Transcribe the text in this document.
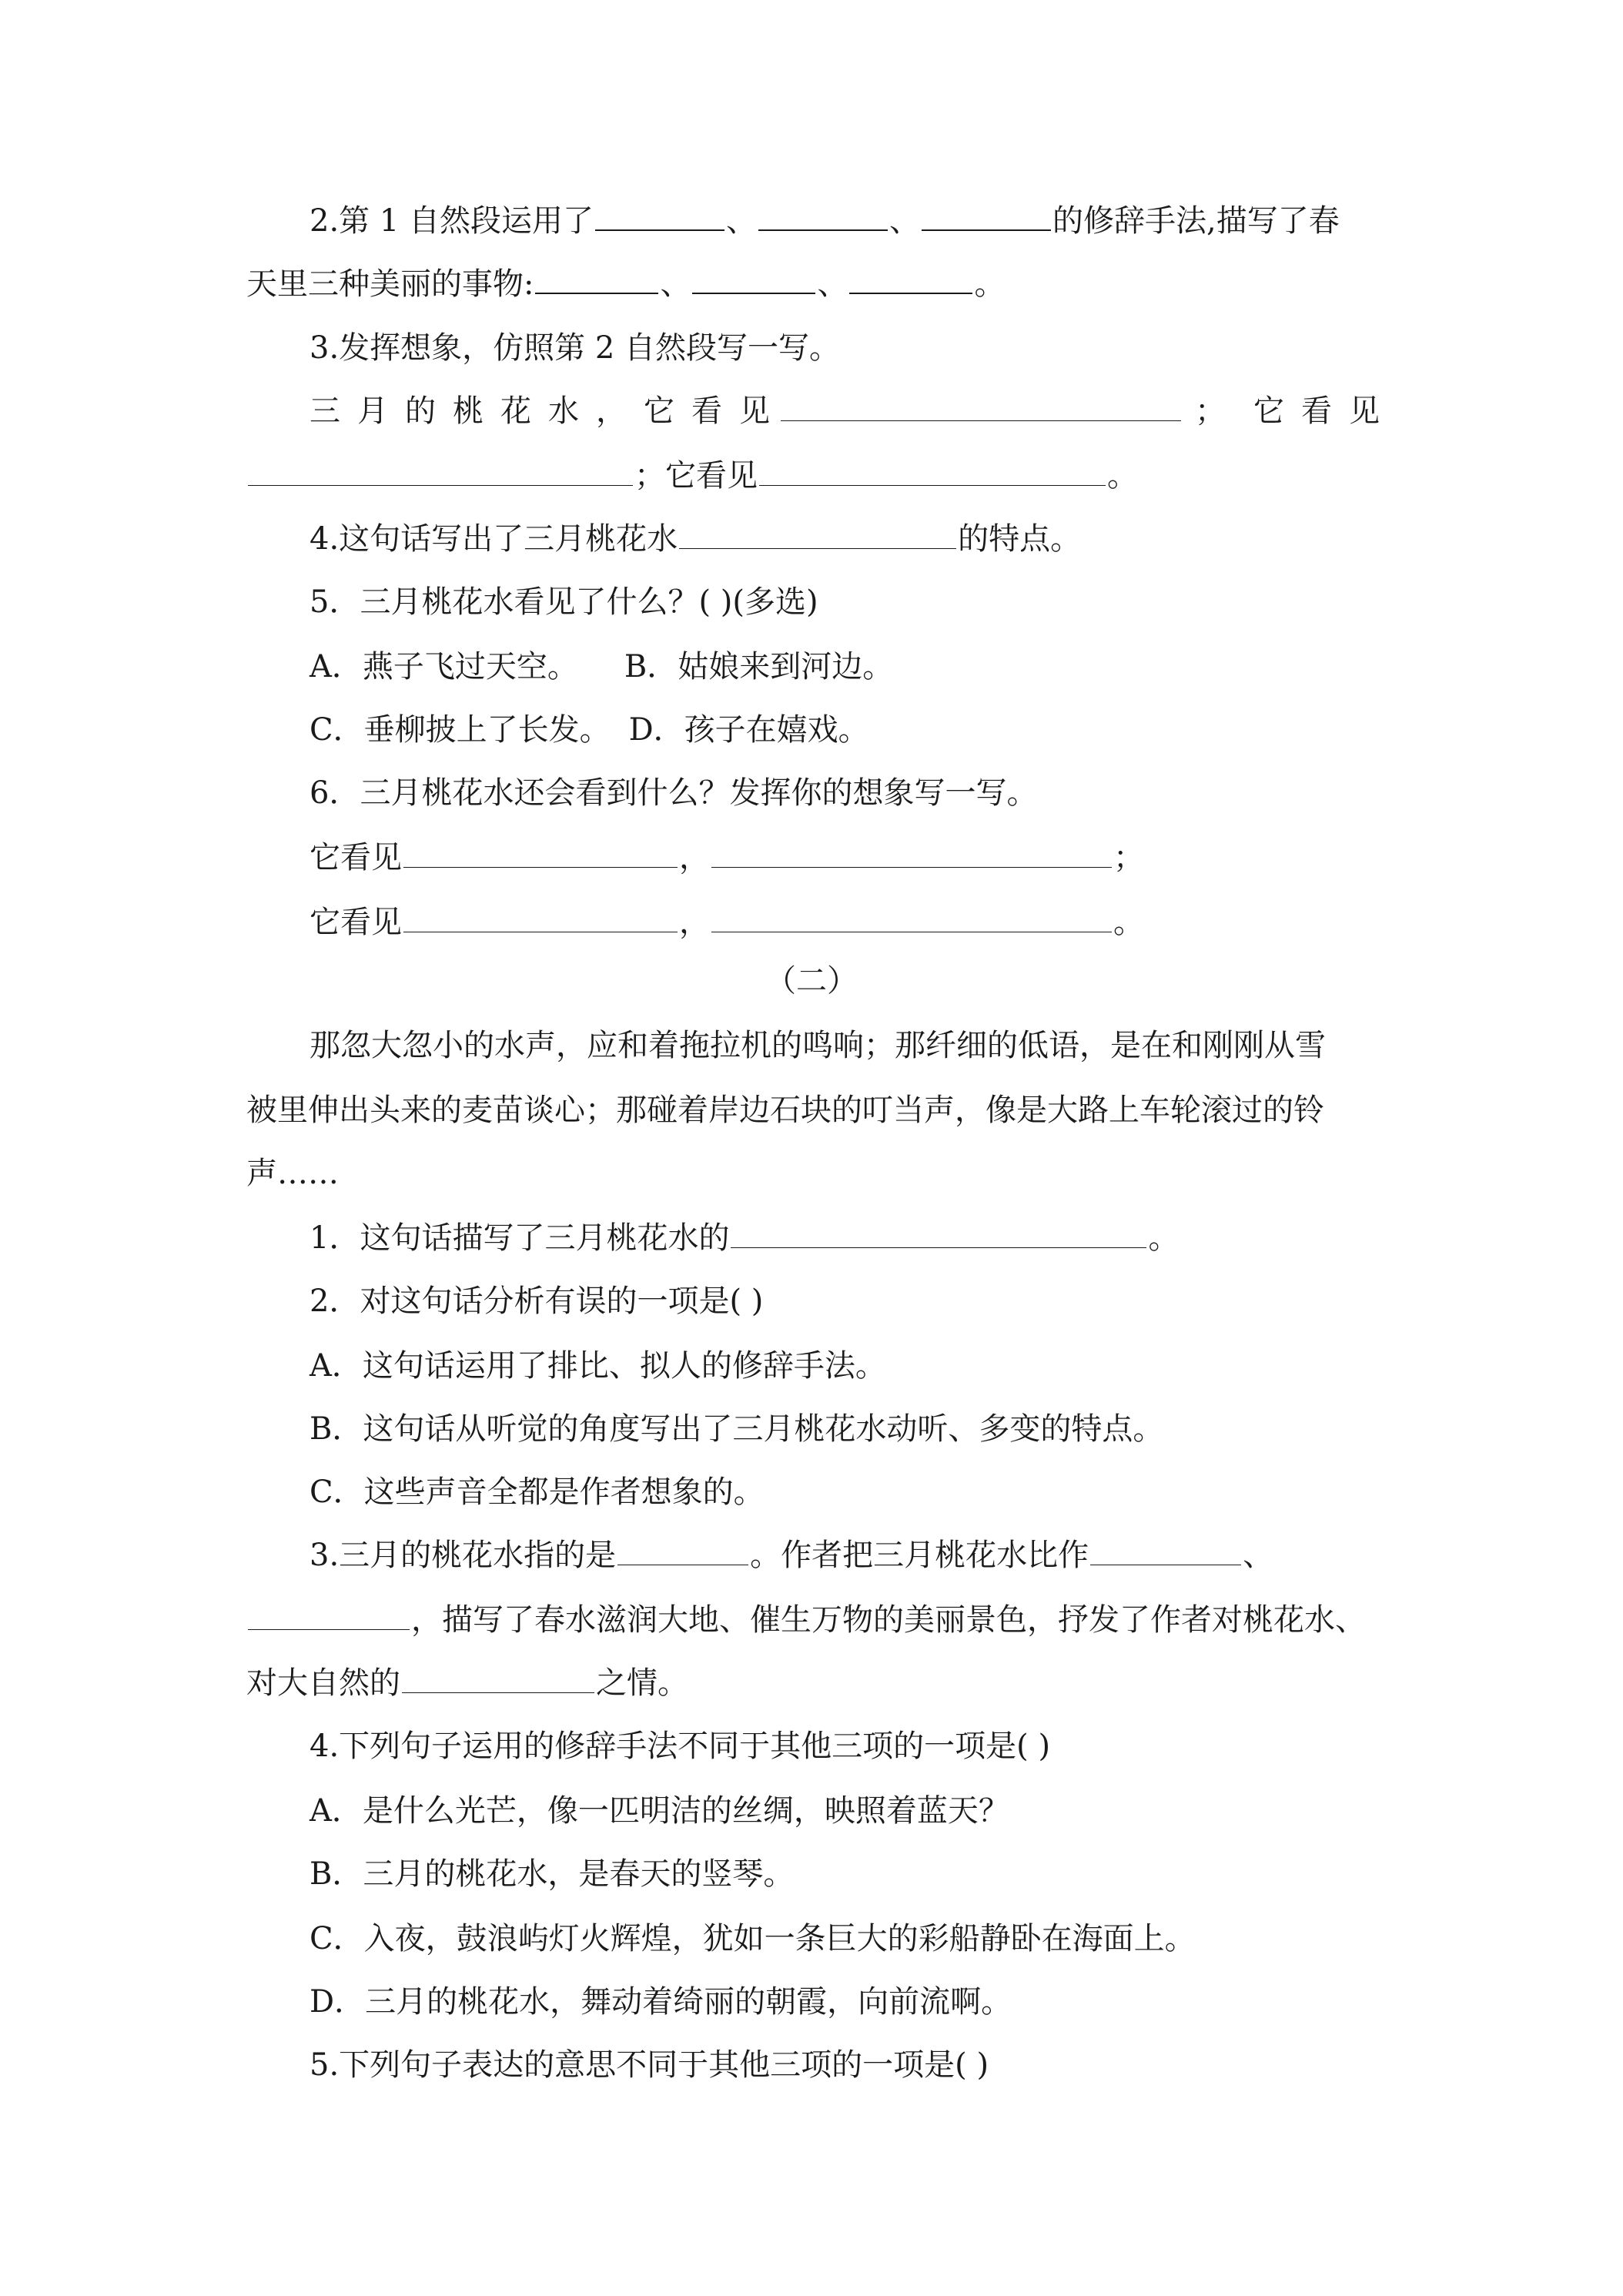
2.第 1 自然段运用了	、	、	的修辞手法,描写了春
天里三种美丽的事物:	、	、	。
3.发挥想象，仿照第 2 自然段写一写。
三月的桃花水，它看见	； 它看见
；它看见	。
4.这句话写出了三月桃花水	的特点。
5．三月桃花水看见了什么？( )(多选)
A．燕子飞过天空。 B．姑娘来到河边。
C．垂柳披上了长发。 D．孩子在嬉戏。
6．三月桃花水还会看到什么？发挥你的想象写一写。
它看见	，	；
它看见	，	。
（二）
那忽大忽小的水声，应和着拖拉机的鸣响；那纤细的低语，是在和刚刚从雪
被里伸出头来的麦苗谈心；那碰着岸边石块的叮当声，像是大路上车轮滚过的铃
声……
1．这句话描写了三月桃花水的	。
2．对这句话分析有误的一项是( )
A．这句话运用了排比、拟人的修辞手法。
B．这句话从听觉的角度写出了三月桃花水动听、多变的特点。
C．这些声音全都是作者想象的。
3.三月的桃花水指的是	。作者把三月桃花水比作	、
，描写了春水滋润大地、催生万物的美丽景色，抒发了作者对桃花水、
对大自然的	之情。
4.下列句子运用的修辞手法不同于其他三项的一项是( )
A．是什么光芒，像一匹明洁的丝绸，映照着蓝天？
B．三月的桃花水，是春天的竖琴。
C．入夜，鼓浪屿灯火辉煌，犹如一条巨大的彩船静卧在海面上。
D．三月的桃花水，舞动着绮丽的朝霞，向前流啊。
5.下列句子表达的意思不同于其他三项的一项是( )
